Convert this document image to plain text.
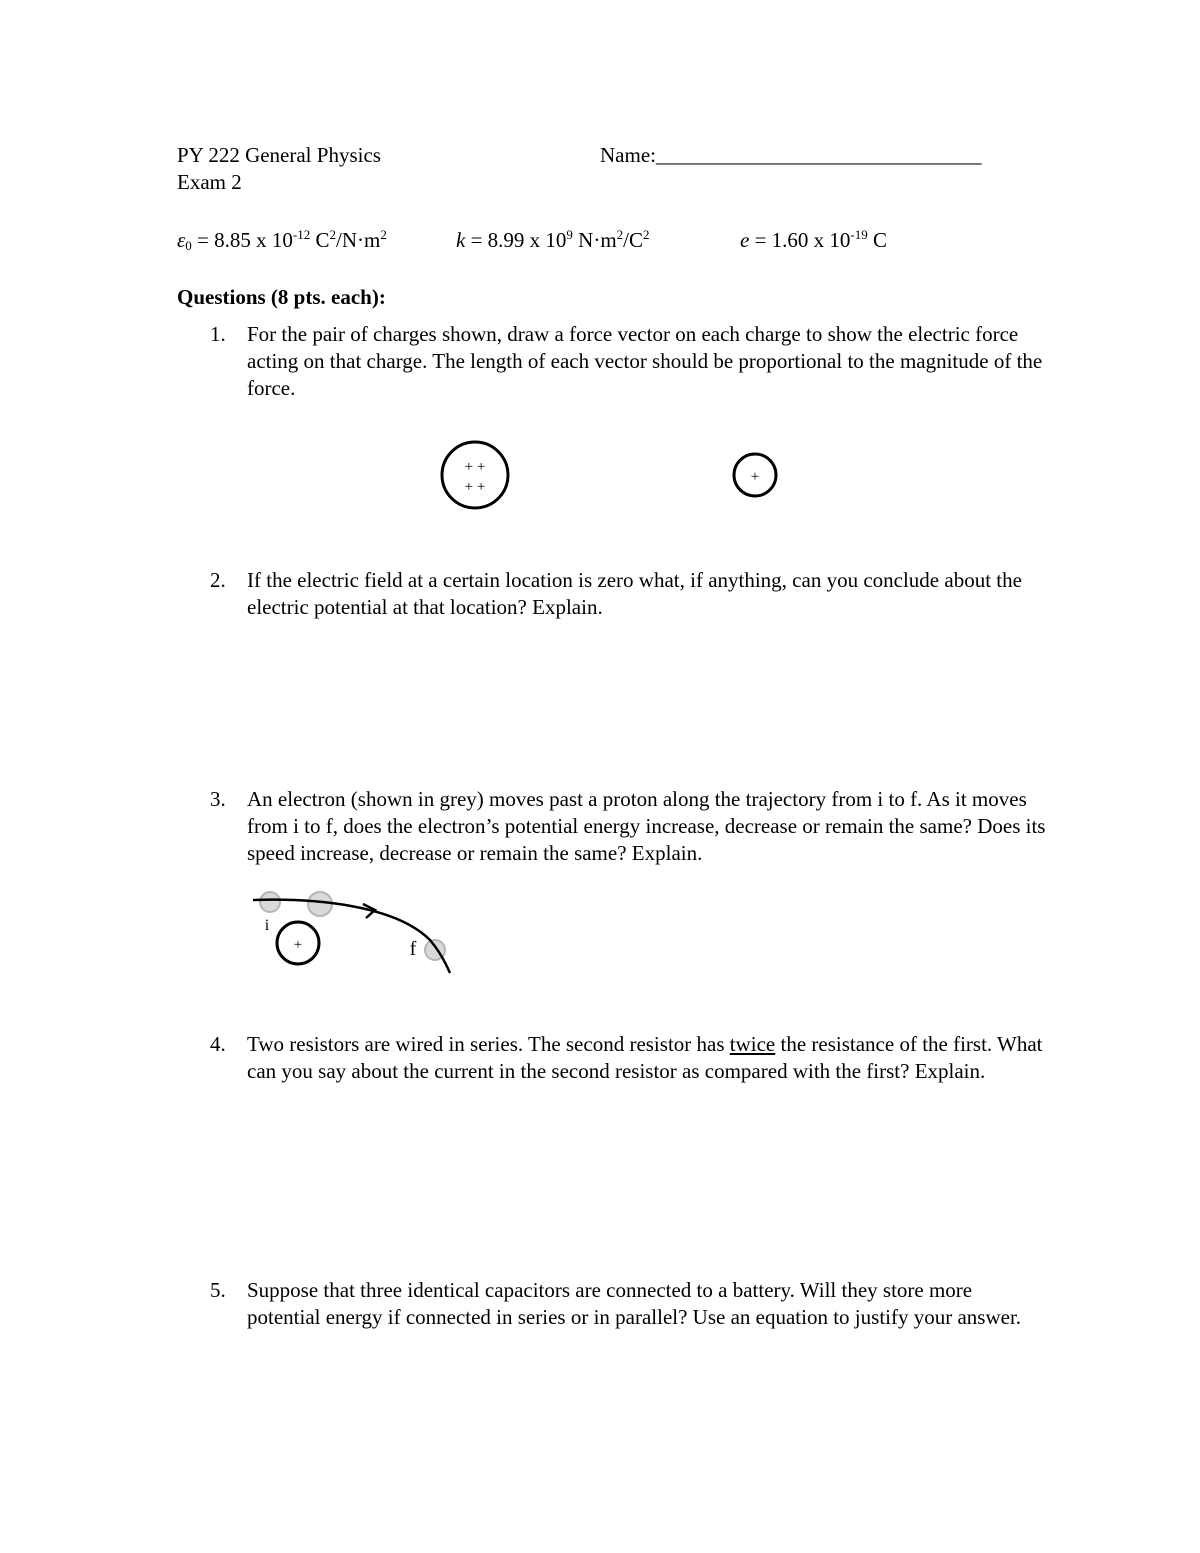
PY 222 General Physics
Exam 2
Name:_______________________________
$\varepsilon_0 = 8.85$ x $10^{-12}$ $C^2/N\cdot m^2$	k = 8.99 x $10^9$ $N\cdot m^2/C^2$	e = 1.60 x $10^{-19}$ C
Questions (8 pts. each):
1.	For the pair of charges shown, draw a force vector on each charge to show the electric force acting on that charge. The length of each vector should be proportional to the magnitude of the force.
+ +
+ +
+
2.	If the electric field at a certain location is zero what, if anything, can you conclude about the electric potential at that location? Explain.
3.	An electron (shown in grey) moves past a proton along the trajectory from i to f. As it moves from i to f, does the electron’s potential energy increase, decrease or remain the same? Does its speed increase, decrease or remain the same? Explain.
+
i
f
4.	Two resistors are wired in series. The second resistor has twice the resistance of the first. What can you say about the current in the second resistor as compared with the first? Explain.
5.	Suppose that three identical capacitors are connected to a battery. Will they store more potential energy if connected in series or in parallel? Use an equation to justify your answer.
